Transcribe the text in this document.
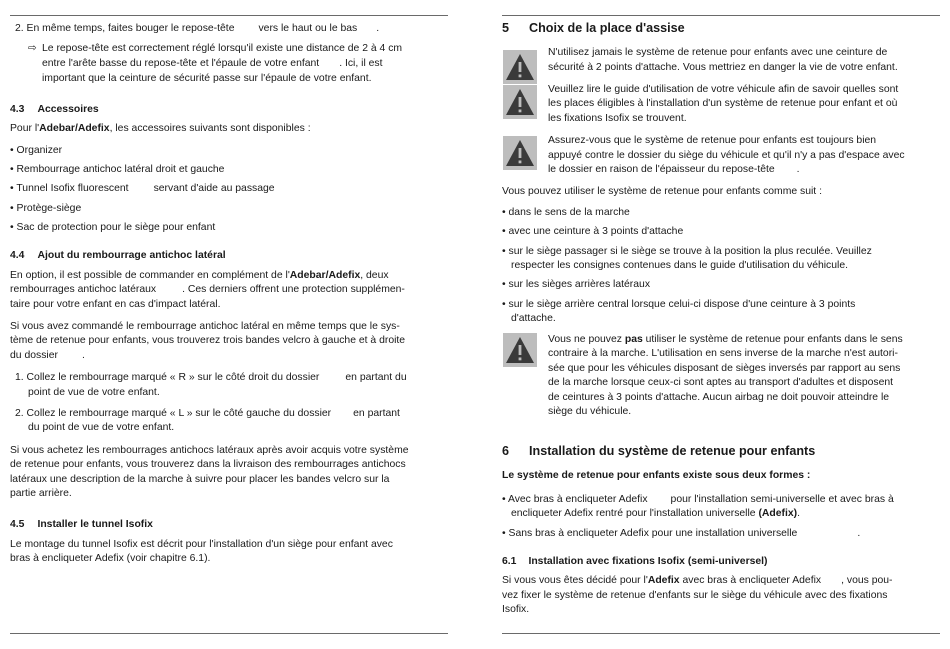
2. En même temps, faites bouger le repose-tête vers le haut ou le bas .
⇨ Le repose-tête est correctement réglé lorsqu'il existe une distance de 2 à 4 cm
entre l'arête basse du repose-tête et l'épaule de votre enfant . Ici, il est
important que la ceinture de sécurité passe sur l'épaule de votre enfant.
4.3 Accessoires
Pour l'Adebar/Adefix, les accessoires suivants sont disponibles :
• Organizer
• Rembourrage antichoc latéral droit et gauche
• Tunnel Isofix fluorescent servant d'aide au passage
• Protège-siège
• Sac de protection pour le siège pour enfant
4.4 Ajout du rembourrage antichoc latéral
En option, il est possible de commander en complément de l'Adebar/Adefix, deux
rembourrages antichoc latéraux	. Ces derniers offrent une protection supplémen-
taire pour votre enfant en cas d'impact latéral.
Si vous avez commandé le rembourrage antichoc latéral en même temps que le sys-
tème de retenue pour enfants, vous trouverez trois bandes velcro à gauche et à droite
du dossier .
1. Collez le rembourrage marqué « R » sur le côté droit du dossier	en partant du
point de vue de votre enfant.
2. Collez le rembourrage marqué « L » sur le côté gauche du dossier en partant
du point de vue de votre enfant.
Si vous achetez les rembourrages antichocs latéraux après avoir acquis votre système
de retenue pour enfants, vous trouverez dans la livraison des rembourrages antichocs
latéraux une description de la marche à suivre pour placer les bandes velcro sur la
partie arrière.
4.5 Installer le tunnel Isofix
Le montage du tunnel Isofix est décrit pour l'installation d'un siège pour enfant avec
bras à encliqueter Adefix (voir chapitre 6.1).
5 Choix de la place d'assise
N'utilisez jamais le système de retenue pour enfants avec une ceinture de
sécurité à 2 points d'attache. Vous mettriez en danger la vie de votre enfant.
Veuillez lire le guide d'utilisation de votre véhicule afin de savoir quelles sont
les places éligibles à l'installation d'un système de retenue pour enfant et où
les fixations Isofix se trouvent.
Assurez-vous que le système de retenue pour enfants est toujours bien
appuyé contre le dossier du siège du véhicule et qu'il n'y a pas d'espace avec
le dossier en raison de l'épaisseur du repose-tête .
Vous pouvez utiliser le système de retenue pour enfants comme suit :
• dans le sens de la marche
• avec une ceinture à 3 points d'attache
• sur le siège passager si le siège se trouve à la position la plus reculée. Veuillez
respecter les consignes contenues dans le guide d'utilisation du véhicule.
• sur les sièges arrières latéraux
• sur le siège arrière central lorsque celui-ci dispose d'une ceinture à 3 points
d'attache.
Vous ne pouvez pas utiliser le système de retenue pour enfants dans le sens
contraire à la marche. L'utilisation en sens inverse de la marche n'est autori-
sée que pour les véhicules disposant de sièges inversés par rapport au sens
de la marche lorsque ceux-ci sont aptes au transport d'adultes et disposent
de ceintures à 3 points d'attache. Aucun airbag ne doit pouvoir atteindre le
siège du véhicule.
6 Installation du système de retenue pour enfants
Le système de retenue pour enfants existe sous deux formes :
• Avec bras à encliqueter Adefix pour l'installation semi-universelle et avec bras à
encliqueter Adefix rentré pour l'installation universelle (Adefix).
• Sans bras à encliqueter Adefix pour une installation universelle	.
6.1 Installation avec fixations Isofix (semi-universel)
Si vous vous êtes décidé pour l'Adefix avec bras à encliqueter Adefix , vous pou-
vez fixer le système de retenue d'enfants sur le siège du véhicule avec des fixations
Isofix.
